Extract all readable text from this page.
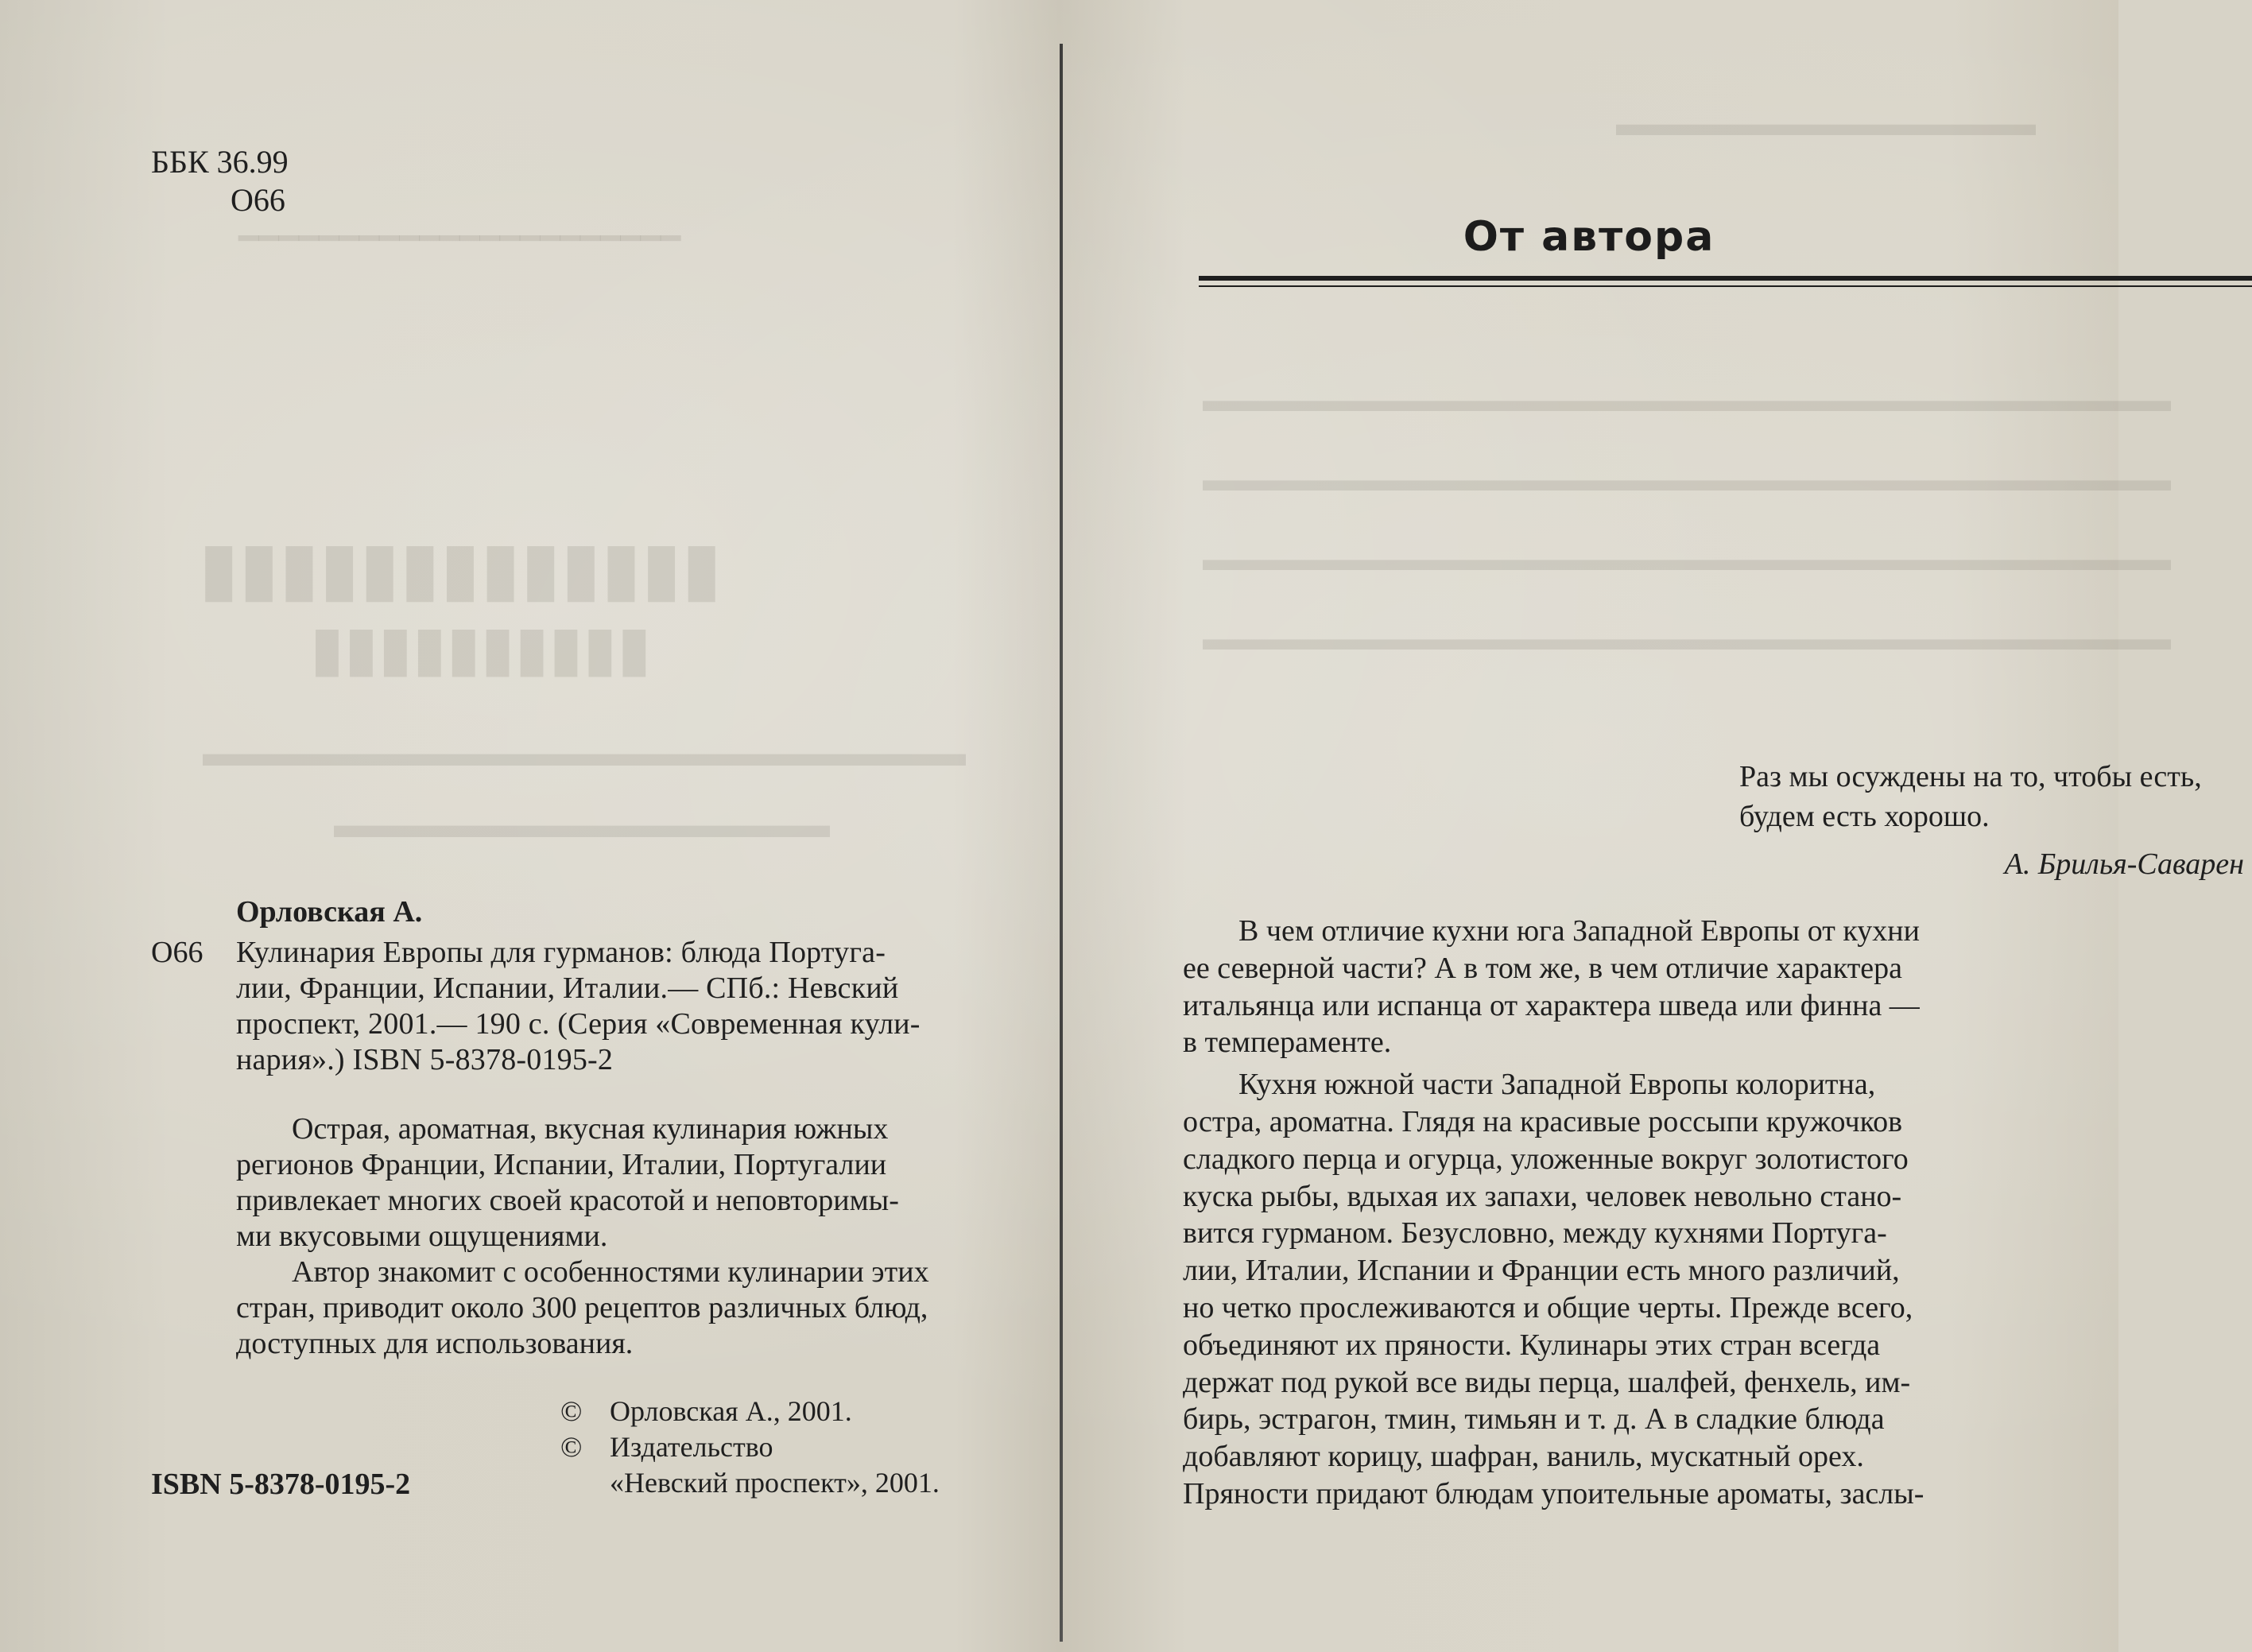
━━━━━━━━━━━━━━━━━━━━━━
▮▮▮▮▮▮▮▮▮▮▮▮▮
▮▮▮▮▮▮▮▮▮▮
▬▬▬▬▬▬▬▬▬▬▬▬▬▬▬▬▬▬▬▬
▬▬▬▬▬▬▬▬▬▬▬▬▬
ББК 36.99
О66
Орловская А.
О66	Кулинария Европы для гурманов: блюда Португа-
лии, Франции, Испании, Италии.— СПб.: Невский
проспект, 2001.— 190 с. (Серия «Современная кули-
нария».) ISBN 5-8378-0195-2
Острая, ароматная, вкусная кулинария южных
регионов Франции, Испании, Италии, Португалии
привлекает многих своей красотой и неповторимы-
ми вкусовыми ощущениями.
Автор знакомит с особенностями кулинарии этих
стран, приводит около 300 рецептов различных блюд,
доступных для использования.
© Орловская А., 2001.
© Издательство
«Невский проспект», 2001.
ISBN 5-8378-0195-2
▬▬▬▬▬▬▬▬▬▬▬▬
▬▬▬▬▬▬▬▬▬▬▬▬▬▬▬▬▬▬▬▬▬▬▬▬▬▬▬▬▬
▬▬▬▬▬▬▬▬▬▬▬▬▬▬▬▬▬▬▬▬▬▬▬▬▬▬▬▬▬
▬▬▬▬▬▬▬▬▬▬▬▬▬▬▬▬▬▬▬▬▬▬▬▬▬▬▬▬▬
▬▬▬▬▬▬▬▬▬▬▬▬▬▬▬▬▬▬▬▬▬▬▬▬▬▬▬▬▬
От автора
Раз мы осуждены на то, чтобы есть,
будем есть хорошо.
А. Брилья-Саварен

В чем отличие кухни юга Западной Европы от кухни
ее северной части? А в том же, в чем отличие характера
итальянца или испанца от характера шведа или финна —
в темпераменте.

Кухня южной части Западной Европы колоритна,
остра, ароматна. Глядя на красивые россыпи кружочков
сладкого перца и огурца, уложенные вокруг золотистого
куска рыбы, вдыхая их запахи, человек невольно стано-
вится гурманом. Безусловно, между кухнями Португа-
лии, Италии, Испании и Франции есть много различий,
но четко прослеживаются и общие черты. Прежде всего,
объединяют их пряности. Кулинары этих стран всегда
держат под рукой все виды перца, шалфей, фенхель, им-
бирь, эстрагон, тмин, тимьян и т. д. А в сладкие блюда
добавляют корицу, шафран, ваниль, мускатный орех.
Пряности придают блюдам упоительные ароматы, заслы-
